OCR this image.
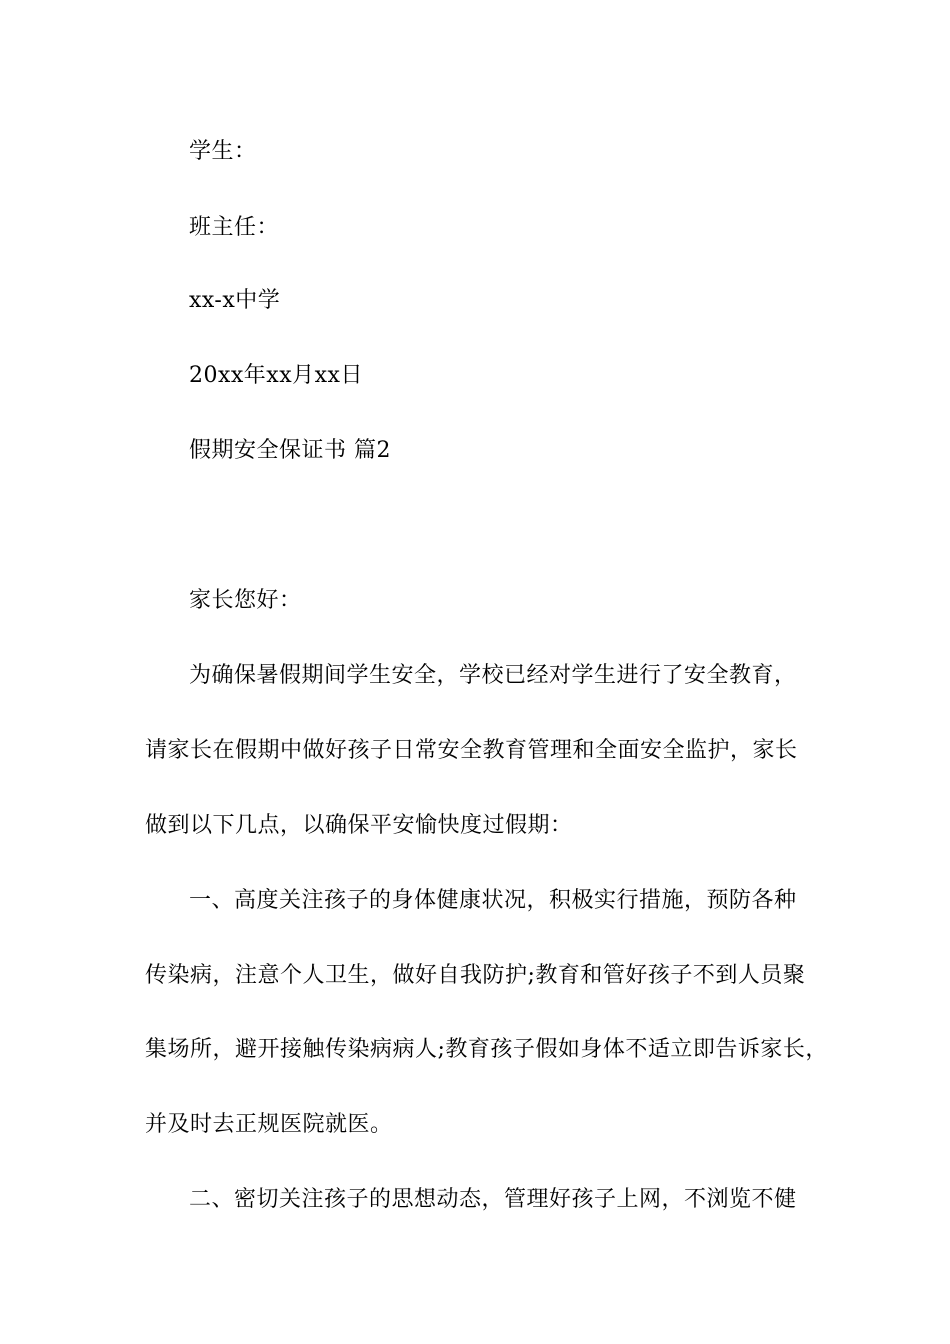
学生：
班主任：
xx-x中学
20xx年xx月xx日
假期安全保证书 篇2
家长您好：
为确保暑假期间学生安全，学校已经对学生进行了安全教育，
请家长在假期中做好孩子日常安全教育管理和全面安全监护，家长
做到以下几点，以确保平安愉快度过假期：
一、高度关注孩子的身体健康状况，积极实行措施，预防各种
传染病，注意个人卫生，做好自我防护;教育和管好孩子不到人员聚
集场所，避开接触传染病病人;教育孩子假如身体不适立即告诉家长，
并及时去正规医院就医。
二、密切关注孩子的思想动态，管理好孩子上网，不浏览不健
